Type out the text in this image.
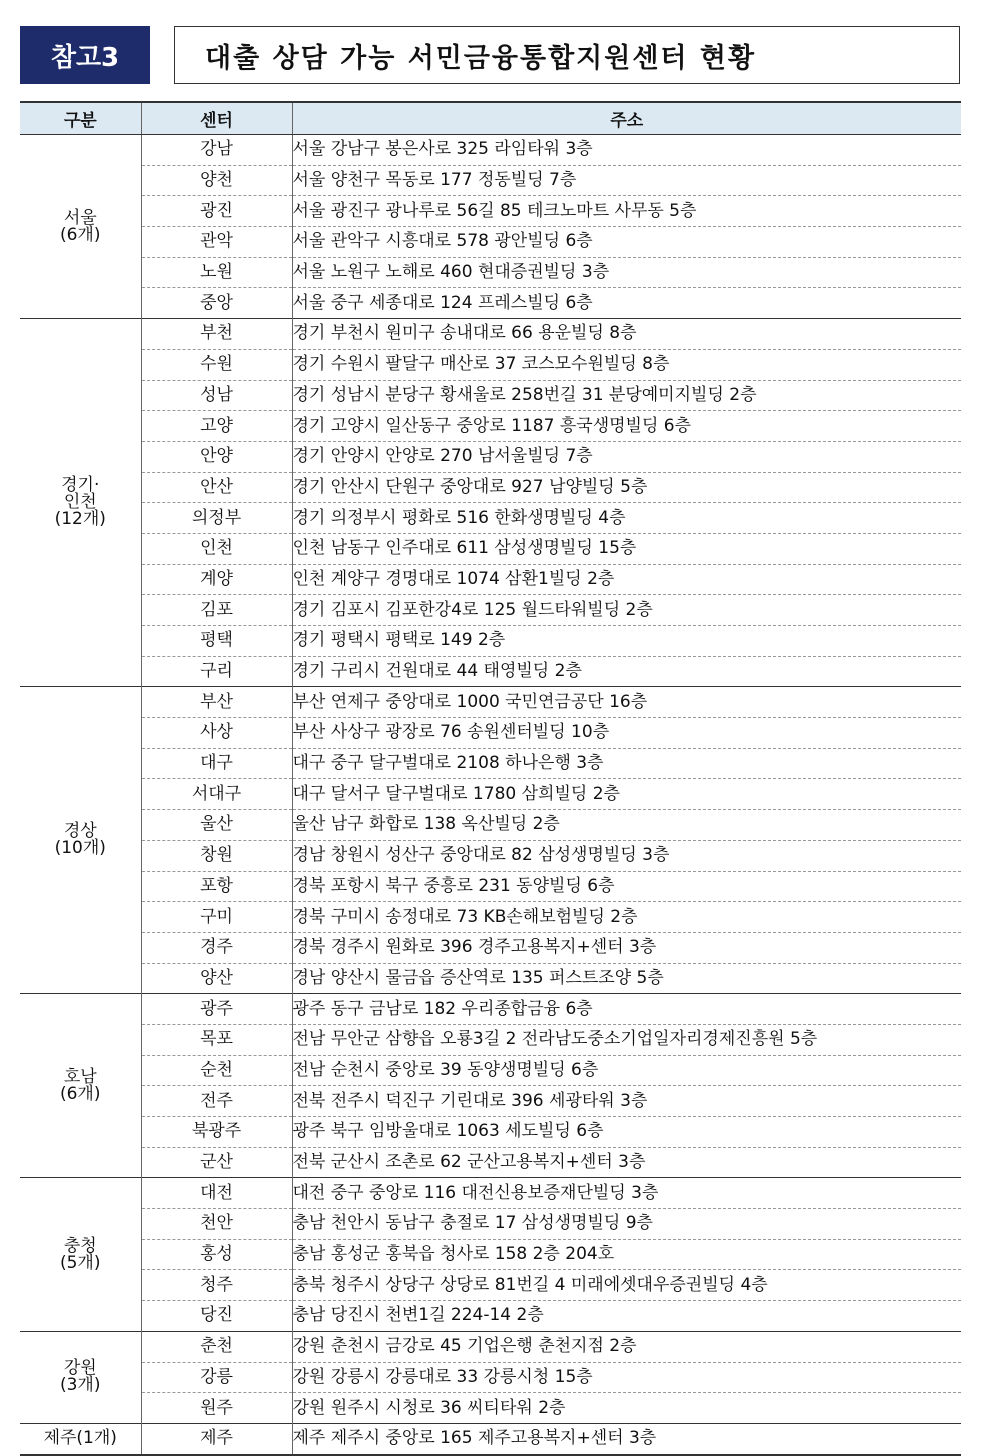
참고3	대출 상담 가능 서민금융통합지원센터 현황
구분	센터	주소
서울
(6개)	강남	서울 강남구 봉은사로 325 라임타워 3층
	양천	서울 양천구 목동로 177 정동빌딩 7층
	광진	서울 광진구 광나루로 56길 85 테크노마트 사무동 5층
	관악	서울 관악구 시흥대로 578 광안빌딩 6층
	노원	서울 노원구 노해로 460 현대증권빌딩 3층
	중앙	서울 중구 세종대로 124 프레스빌딩 6층
경기·
인천
(12개)	부천	경기 부천시 원미구 송내대로 66 용운빌딩 8층
	수원	경기 수원시 팔달구 매산로 37 코스모수원빌딩 8층
	성남	경기 성남시 분당구 황새울로 258번길 31 분당예미지빌딩 2층
	고양	경기 고양시 일산동구 중앙로 1187 흥국생명빌딩 6층
	안양	경기 안양시 안양로 270 남서울빌딩 7층
	안산	경기 안산시 단원구 중앙대로 927 남양빌딩 5층
	의정부	경기 의정부시 평화로 516 한화생명빌딩 4층
	인천	인천 남동구 인주대로 611 삼성생명빌딩 15층
	계양	인천 계양구 경명대로 1074 삼환1빌딩 2층
	김포	경기 김포시 김포한강4로 125 월드타워빌딩 2층
	평택	경기 평택시 평택로 149 2층
	구리	경기 구리시 건원대로 44 태영빌딩 2층
경상
(10개)	부산	부산 연제구 중앙대로 1000 국민연금공단 16층
	사상	부산 사상구 광장로 76 송원센터빌딩 10층
	대구	대구 중구 달구벌대로 2108 하나은행 3층
	서대구	대구 달서구 달구벌대로 1780 삼희빌딩 2층
	울산	울산 남구 화합로 138 옥산빌딩 2층
	창원	경남 창원시 성산구 중앙대로 82 삼성생명빌딩 3층
	포항	경북 포항시 북구 중흥로 231 동양빌딩 6층
	구미	경북 구미시 송정대로 73 KB손해보험빌딩 2층
	경주	경북 경주시 원화로 396 경주고용복지+센터 3층
	양산	경남 양산시 물금읍 증산역로 135 퍼스트조양 5층
호남
(6개)	광주	광주 동구 금남로 182 우리종합금융 6층
	목포	전남 무안군 삼향읍 오룡3길 2 전라남도중소기업일자리경제진흥원 5층
	순천	전남 순천시 중앙로 39 동양생명빌딩 6층
	전주	전북 전주시 덕진구 기린대로 396 세광타워 3층
	북광주	광주 북구 임방울대로 1063 세도빌딩 6층
	군산	전북 군산시 조촌로 62 군산고용복지+센터 3층
충청
(5개)	대전	대전 중구 중앙로 116 대전신용보증재단빌딩 3층
	천안	충남 천안시 동남구 충절로 17 삼성생명빌딩 9층
	홍성	충남 홍성군 홍북읍 청사로 158 2층 204호
	청주	충북 청주시 상당구 상당로 81번길 4 미래에셋대우증권빌딩 4층
	당진	충남 당진시 천변1길 224-14 2층
강원
(3개)	춘천	강원 춘천시 금강로 45 기업은행 춘천지점 2층
	강릉	강원 강릉시 강릉대로 33 강릉시청 15층
	원주	강원 원주시 시청로 36 씨티타워 2층
제주(1개)	제주	제주 제주시 중앙로 165 제주고용복지+센터 3층
